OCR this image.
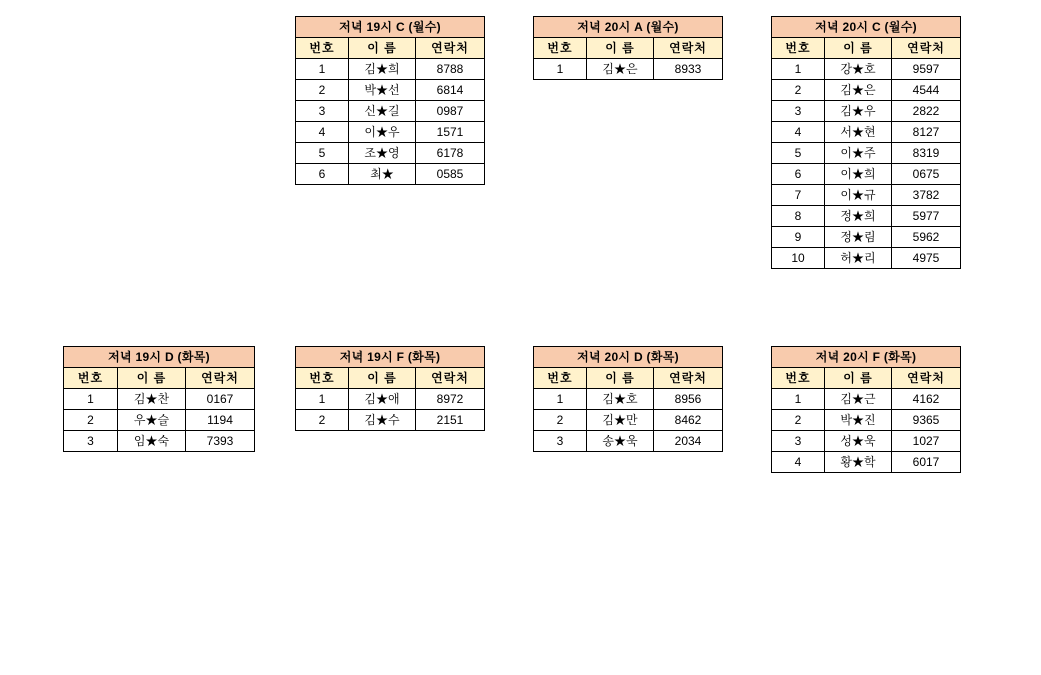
저녁 19시 C (월수)
번호	이 름	연락처
1	김★희	8788
2	박★선	6814
3	신★길	0987
4	이★우	1571
5	조★영	6178
6	최★	0585
저녁 20시 A (월수)
번호	이 름	연락처
1	김★은	8933
저녁 20시 C (월수)
번호	이 름	연락처
1	강★호	9597
2	김★은	4544
3	김★우	2822
4	서★현	8127
5	이★주	8319
6	이★희	0675
7	이★규	3782
8	정★희	5977
9	정★림	5962
10	허★리	4975
저녁 19시 D (화목)
번호	이 름	연락처
1	김★찬	0167
2	우★슬	1194
3	임★숙	7393
저녁 19시 F (화목)
번호	이 름	연락처
1	김★애	8972
2	김★수	2151
저녁 20시 D (화목)
번호	이 름	연락처
1	김★호	8956
2	김★만	8462
3	송★욱	2034
저녁 20시 F (화목)
번호	이 름	연락처
1	김★근	4162
2	박★진	9365
3	성★욱	1027
4	황★학	6017
